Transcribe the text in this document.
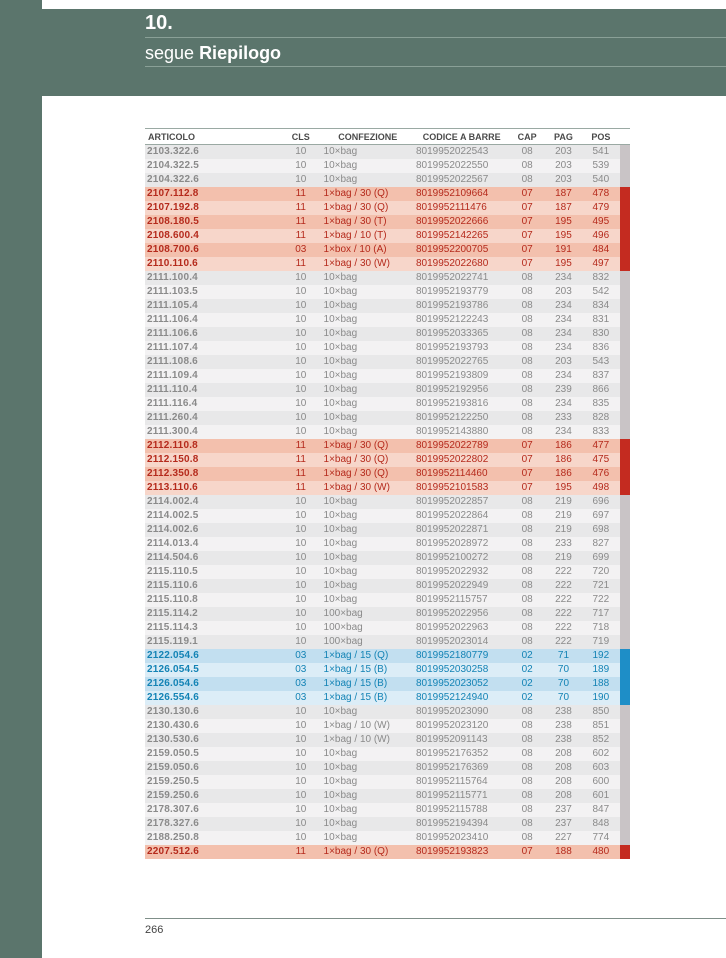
10.
segue Riepilogo
ARTICOLO	CLS	CONFEZIONE	CODICE A BARRE	CAP	PAG	POS	
2103.322.6	10	10×bag	8019952022543	08	203	541	
2104.322.5	10	10×bag	8019952022550	08	203	539	
2104.322.6	10	10×bag	8019952022567	08	203	540	
2107.112.8	11	1×bag / 30 (Q)	8019952109664	07	187	478	
2107.192.8	11	1×bag / 30 (Q)	8019952111476	07	187	479	
2108.180.5	11	1×bag / 30 (T)	8019952022666	07	195	495	
2108.600.4	11	1×bag / 10 (T)	8019952142265	07	195	496	
2108.700.6	03	1×box / 10 (A)	8019952200705	07	191	484	
2110.110.6	11	1×bag / 30 (W)	8019952022680	07	195	497	
2111.100.4	10	10×bag	8019952022741	08	234	832	
2111.103.5	10	10×bag	8019952193779	08	203	542	
2111.105.4	10	10×bag	8019952193786	08	234	834	
2111.106.4	10	10×bag	8019952122243	08	234	831	
2111.106.6	10	10×bag	8019952033365	08	234	830	
2111.107.4	10	10×bag	8019952193793	08	234	836	
2111.108.6	10	10×bag	8019952022765	08	203	543	
2111.109.4	10	10×bag	8019952193809	08	234	837	
2111.110.4	10	10×bag	8019952192956	08	239	866	
2111.116.4	10	10×bag	8019952193816	08	234	835	
2111.260.4	10	10×bag	8019952122250	08	233	828	
2111.300.4	10	10×bag	8019952143880	08	234	833	
2112.110.8	11	1×bag / 30 (Q)	8019952022789	07	186	477	
2112.150.8	11	1×bag / 30 (Q)	8019952022802	07	186	475	
2112.350.8	11	1×bag / 30 (Q)	8019952114460	07	186	476	
2113.110.6	11	1×bag / 30 (W)	8019952101583	07	195	498	
2114.002.4	10	10×bag	8019952022857	08	219	696	
2114.002.5	10	10×bag	8019952022864	08	219	697	
2114.002.6	10	10×bag	8019952022871	08	219	698	
2114.013.4	10	10×bag	8019952028972	08	233	827	
2114.504.6	10	10×bag	8019952100272	08	219	699	
2115.110.5	10	10×bag	8019952022932	08	222	720	
2115.110.6	10	10×bag	8019952022949	08	222	721	
2115.110.8	10	10×bag	8019952115757	08	222	722	
2115.114.2	10	100×bag	8019952022956	08	222	717	
2115.114.3	10	100×bag	8019952022963	08	222	718	
2115.119.1	10	100×bag	8019952023014	08	222	719	
2122.054.6	03	1×bag / 15 (Q)	8019952180779	02	71	192	
2126.054.5	03	1×bag / 15 (B)	8019952030258	02	70	189	
2126.054.6	03	1×bag / 15 (B)	8019952023052	02	70	188	
2126.554.6	03	1×bag / 15 (B)	8019952124940	02	70	190	
2130.130.6	10	10×bag	8019952023090	08	238	850	
2130.430.6	10	1×bag / 10 (W)	8019952023120	08	238	851	
2130.530.6	10	1×bag / 10 (W)	8019952091143	08	238	852	
2159.050.5	10	10×bag	8019952176352	08	208	602	
2159.050.6	10	10×bag	8019952176369	08	208	603	
2159.250.5	10	10×bag	8019952115764	08	208	600	
2159.250.6	10	10×bag	8019952115771	08	208	601	
2178.307.6	10	10×bag	8019952115788	08	237	847	
2178.327.6	10	10×bag	8019952194394	08	237	848	
2188.250.8	10	10×bag	8019952023410	08	227	774	
2207.512.6	11	1×bag / 30 (Q)	8019952193823	07	188	480	
266
